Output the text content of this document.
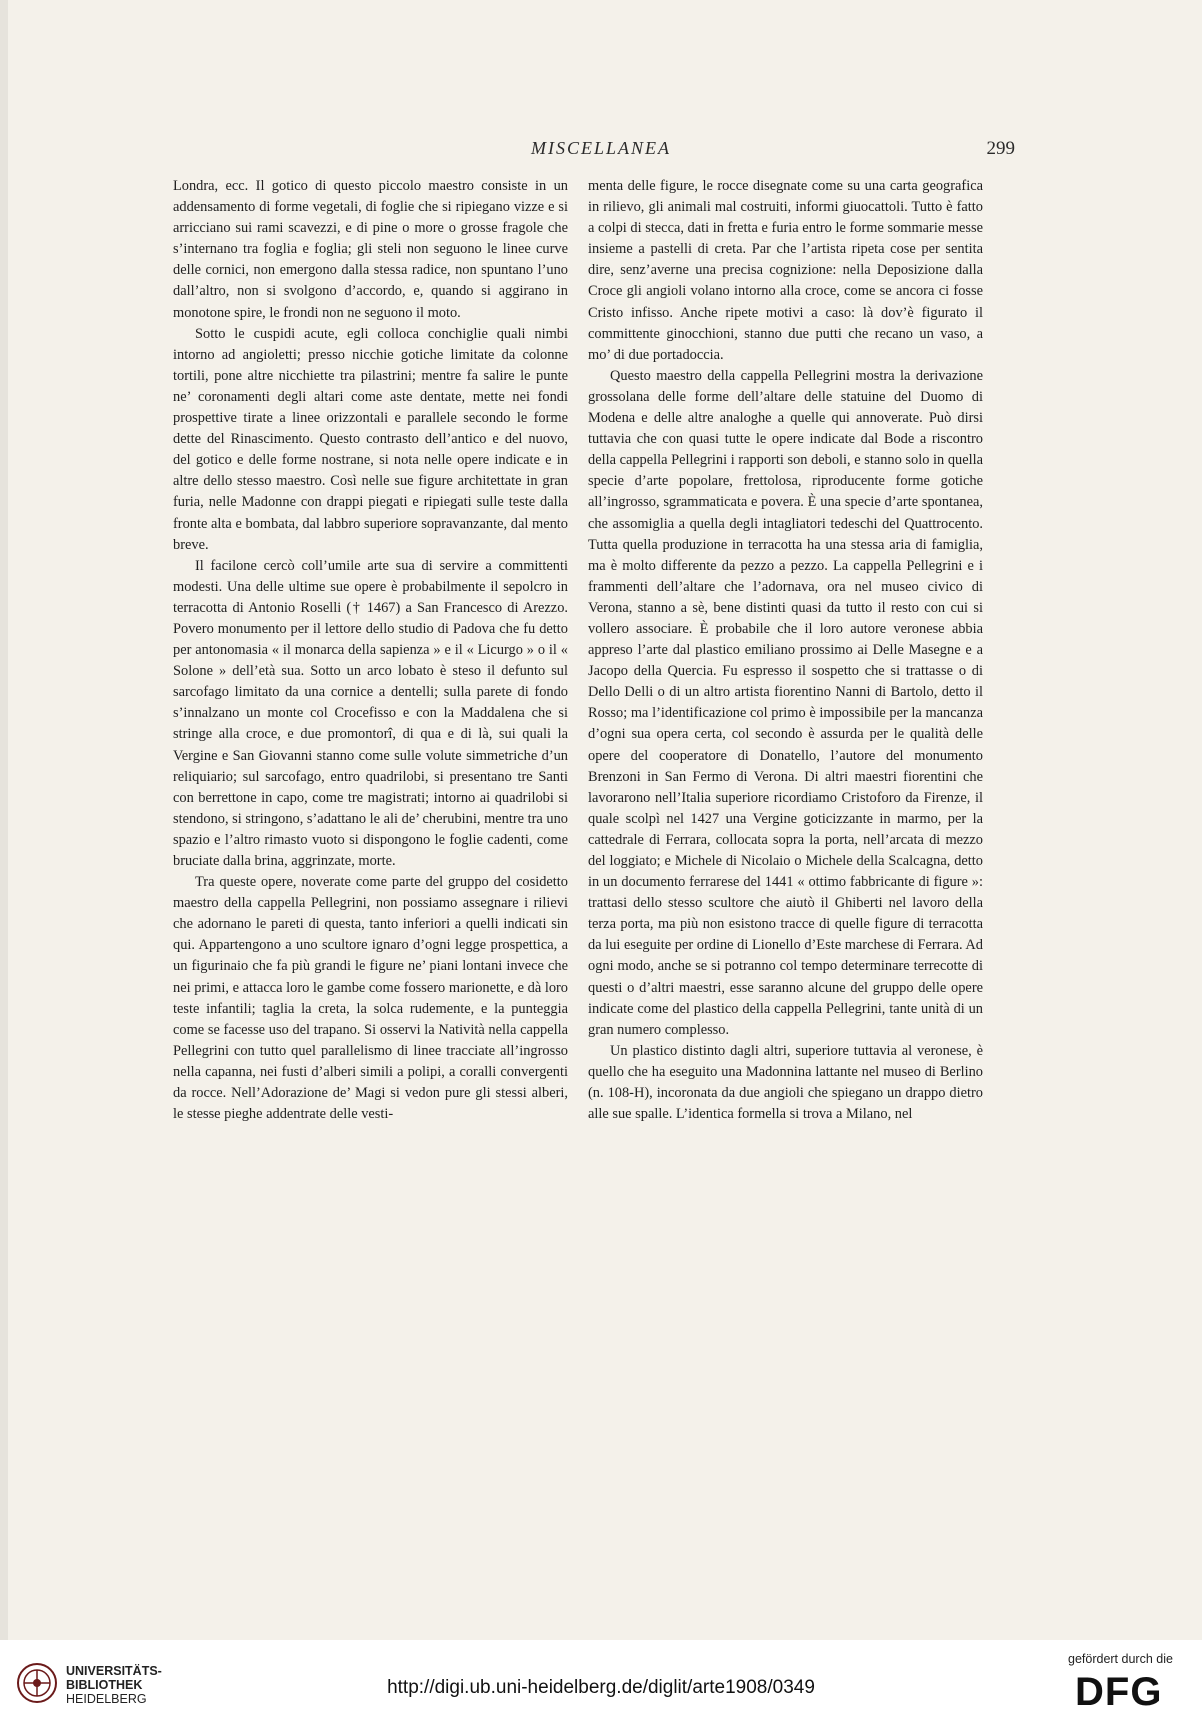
MISCELLANEA	299

Londra, ecc. Il gotico di questo piccolo maestro consiste in un addensamento di forme vegetali, di foglie che si ripiegano vizze e si arricciano sui rami scavezzi, e di pine o more o grosse fragole che s’internano tra foglia e foglia; gli steli non seguono le linee curve delle cornici, non emergono dalla stessa radice, non spuntano l’uno dall’altro, non si svolgono d’accordo, e, quando si aggirano in monotone spire, le frondi non ne seguono il moto.

Sotto le cuspidi acute, egli colloca conchiglie quali nimbi intorno ad angioletti; presso nicchie gotiche limitate da colonne tortili, pone altre nicchiette tra pilastrini; mentre fa salire le punte ne’ coronamenti degli altari come aste dentate, mette nei fondi prospettive tirate a linee orizzontali e parallele secondo le forme dette del Rinascimento. Questo contrasto dell’antico e del nuovo, del gotico e delle forme nostrane, si nota nelle opere indicate e in altre dello stesso maestro. Così nelle sue figure architettate in gran furia, nelle Madonne con drappi piegati e ripiegati sulle teste dalla fronte alta e bombata, dal labbro superiore sopravanzante, dal mento breve.

Il facilone cercò coll’umile arte sua di servire a committenti modesti. Una delle ultime sue opere è probabilmente il sepolcro in terracotta di Antonio Roselli († 1467) a San Francesco di Arezzo. Povero monumento per il lettore dello studio di Padova che fu detto per antonomasia « il monarca della sapienza » e il « Licurgo » o il « Solone » dell’età sua. Sotto un arco lobato è steso il defunto sul sarcofago limitato da una cornice a dentelli; sulla parete di fondo s’innalzano un monte col Crocefisso e con la Maddalena che si stringe alla croce, e due promontorî, di qua e di là, sui quali la Vergine e San Giovanni stanno come sulle volute simmetriche d’un reliquiario; sul sarcofago, entro quadrilobi, si presentano tre Santi con berrettone in capo, come tre magistrati; intorno ai quadrilobi si stendono, si stringono, s’adattano le ali de’ cherubini, mentre tra uno spazio e l’altro rimasto vuoto si dispongono le foglie cadenti, come bruciate dalla brina, aggrinzate, morte.

Tra queste opere, noverate come parte del gruppo del cosidetto maestro della cappella Pellegrini, non possiamo assegnare i rilievi che adornano le pareti di questa, tanto inferiori a quelli indicati sin qui. Appartengono a uno scultore ignaro d’ogni legge prospettica, a un figurinaio che fa più grandi le figure ne’ piani lontani invece che nei primi, e attacca loro le gambe come fossero marionette, e dà loro teste infantili; taglia la creta, la solca rudemente, e la punteggia come se facesse uso del trapano. Si osservi la Natività nella cappella Pellegrini con tutto quel parallelismo di linee tracciate all’ingrosso nella capanna, nei fusti d’alberi simili a polipi, a coralli convergenti da rocce. Nell’Adorazione de’ Magi si vedon pure gli stessi alberi, le stesse pieghe addentrate delle vesti-

menta delle figure, le rocce disegnate come su una carta geografica in rilievo, gli animali mal costruiti, informi giuocattoli. Tutto è fatto a colpi di stecca, dati in fretta e furia entro le forme sommarie messe insieme a pastelli di creta. Par che l’artista ripeta cose per sentita dire, senz’averne una precisa cognizione: nella Deposizione dalla Croce gli angioli volano intorno alla croce, come se ancora ci fosse Cristo infisso. Anche ripete motivi a caso: là dov’è figurato il committente ginocchioni, stanno due putti che recano un vaso, a mo’ di due portadoccia.

Questo maestro della cappella Pellegrini mostra la derivazione grossolana delle forme dell’altare delle statuine del Duomo di Modena e delle altre analoghe a quelle qui annoverate. Può dirsi tuttavia che con quasi tutte le opere indicate dal Bode a riscontro della cappella Pellegrini i rapporti son deboli, e stanno solo in quella specie d’arte popolare, frettolosa, riproducente forme gotiche all’ingrosso, sgrammaticata e povera. È una specie d’arte spontanea, che assomiglia a quella degli intagliatori tedeschi del Quattrocento. Tutta quella produzione in terracotta ha una stessa aria di famiglia, ma è molto differente da pezzo a pezzo. La cappella Pellegrini e i frammenti dell’altare che l’adornava, ora nel museo civico di Verona, stanno a sè, bene distinti quasi da tutto il resto con cui si vollero associare. È probabile che il loro autore veronese abbia appreso l’arte dal plastico emiliano prossimo ai Delle Masegne e a Jacopo della Quercia. Fu espresso il sospetto che si trattasse o di Dello Delli o di un altro artista fiorentino Nanni di Bartolo, detto il Rosso; ma l’identificazione col primo è impossibile per la mancanza d’ogni sua opera certa, col secondo è assurda per le qualità delle opere del cooperatore di Donatello, l’autore del monumento Brenzoni in San Fermo di Verona. Di altri maestri fiorentini che lavorarono nell’Italia superiore ricordiamo Cristoforo da Firenze, il quale scolpì nel 1427 una Vergine goticizzante in marmo, per la cattedrale di Ferrara, collocata sopra la porta, nell’arcata di mezzo del loggiato; e Michele di Nicolaio o Michele della Scalcagna, detto in un documento ferrarese del 1441 « ottimo fabbricante di figure »: trattasi dello stesso scultore che aiutò il Ghiberti nel lavoro della terza porta, ma più non esistono tracce di quelle figure di terracotta da lui eseguite per ordine di Lionello d’Este marchese di Ferrara. Ad ogni modo, anche se si potranno col tempo determinare terrecotte di questi o d’altri maestri, esse saranno alcune del gruppo delle opere indicate come del plastico della cappella Pellegrini, tante unità di un gran numero complesso.

Un plastico distinto dagli altri, superiore tuttavia al veronese, è quello che ha eseguito una Madonnina lattante nel museo di Berlino (n. 108-H), incoronata da due angioli che spiegano un drappo dietro alle sue spalle. L’identica formella si trova a Milano, nel

UNIVERSITÄTS-
BIBLIOTHEK
HEIDELBERG
http://digi.ub.uni-heidelberg.de/diglit/arte1908/0349
gefördert durch die
DFG
